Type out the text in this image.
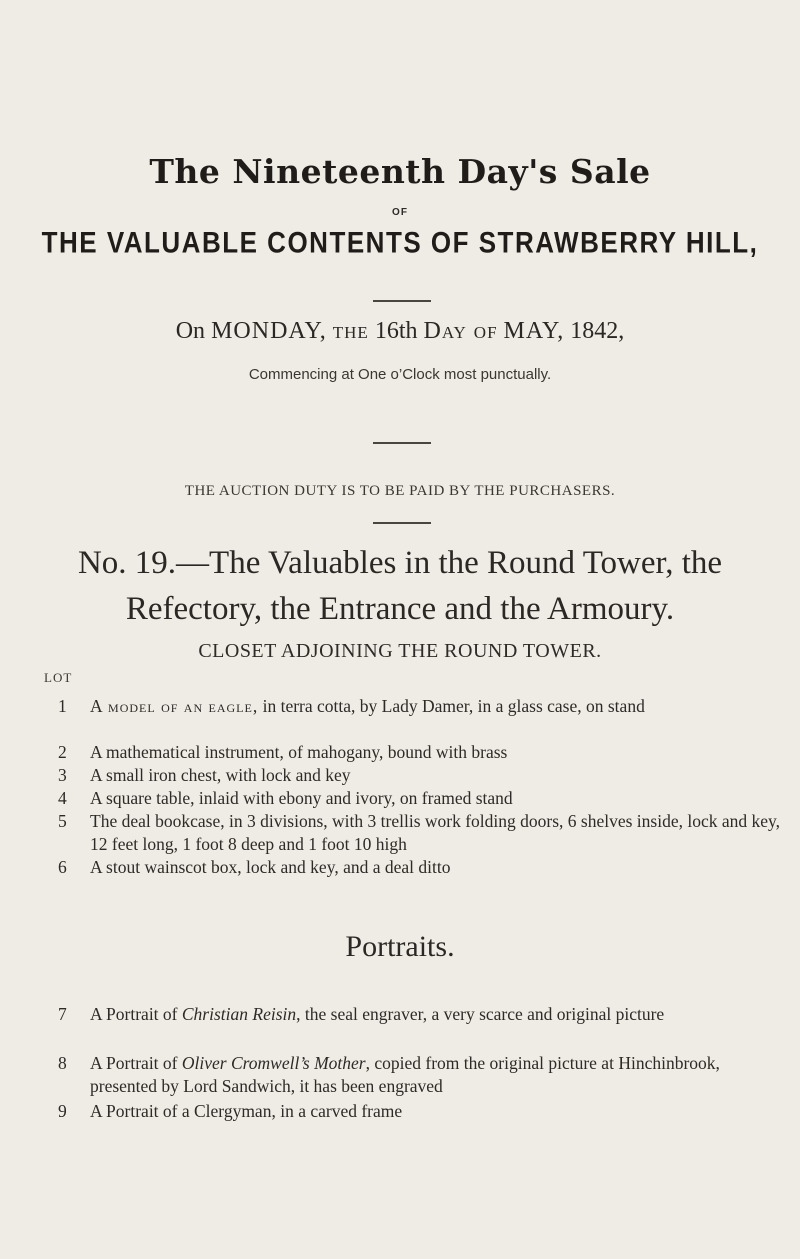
The Nineteenth Day's Sale
OF
THE VALUABLE CONTENTS OF STRAWBERRY HILL,
On MONDAY, the 16th Day of MAY, 1842,
Commencing at One o’Clock most punctually.
THE AUCTION DUTY IS TO BE PAID BY THE PURCHASERS.
No. 19.—The Valuables in the Round Tower, the
Refectory, the Entrance and the Armoury.
CLOSET ADJOINING THE ROUND TOWER.
LOT
1	A model of an eagle, in terra cotta, by Lady Damer, in a glass case, on stand
2	A mathematical instrument, of mahogany, bound with brass
3	A small iron chest, with lock and key
4	A square table, inlaid with ebony and ivory, on framed stand
5	The deal bookcase, in 3 divisions, with 3 trellis work folding doors, 6 shelves inside, lock and key, 12 feet long, 1 foot 8 deep and 1 foot 10 high
6	A stout wainscot box, lock and key, and a deal ditto
Portraits.
7	A Portrait of Christian Reisin, the seal engraver, a very scarce and original picture
8	A Portrait of Oliver Cromwell’s Mother, copied from the original picture at Hinchinbrook, presented by Lord Sandwich, it has been engraved
9	A Portrait of a Clergyman, in a carved frame
